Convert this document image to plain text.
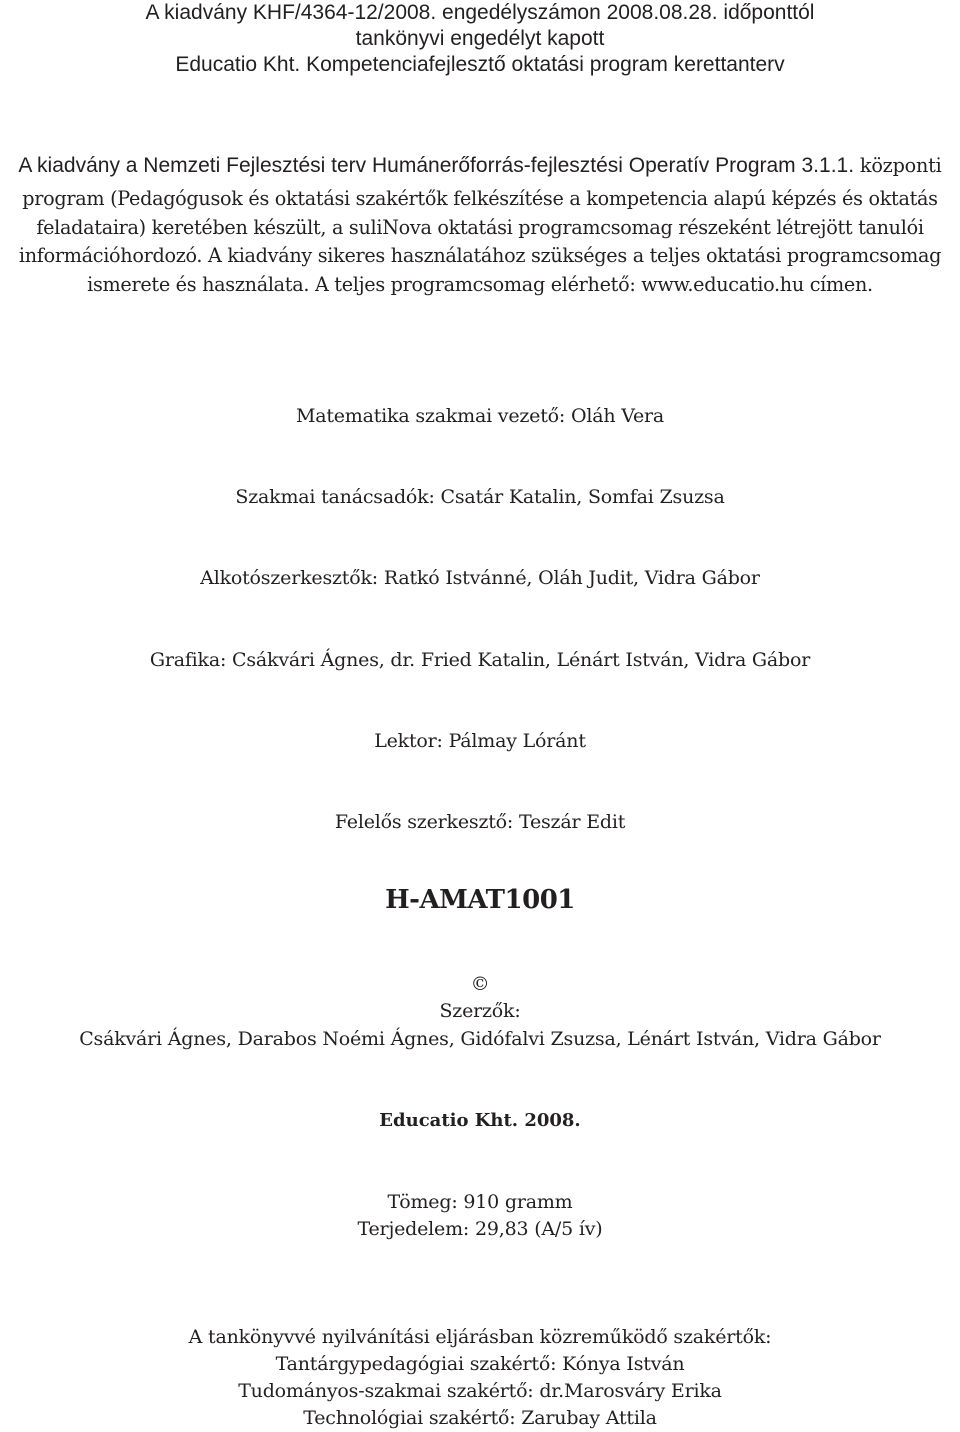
A kiadvány KHF/4364-12/2008. engedélyszámon 2008.08.28. időponttól
tankönyvi engedélyt kapott
Educatio Kht. Kompetenciafejlesztő oktatási program kerettanterv
A kiadvány a Nemzeti Fejlesztési terv Humánerőforrás-fejlesztési Operatív Program 3.1.1. központi
program (Pedagógusok és oktatási szakértők felkészítése a kompetencia alapú képzés és oktatás feladataira) keretében készült, a suliNova oktatási programcsomag részeként létrejött tanulói információhordozó. A kiadvány sikeres használatához szükséges a teljes oktatási programcsomag ismerete és használata. A teljes programcsomag elérhető: www.educatio.hu címen.
Matematika szakmai vezető: Oláh Vera
Szakmai tanácsadók: Csatár Katalin, Somfai Zsuzsa
Alkotószerkesztők: Ratkó Istvánné, Oláh Judit, Vidra Gábor
Grafika: Csákvári Ágnes, dr. Fried Katalin, Lénárt István, Vidra Gábor
Lektor: Pálmay Lóránt
Felelős szerkesztő: Teszár Edit
H-AMAT1001
©
Szerzők:
Csákvári Ágnes, Darabos Noémi Ágnes, Gidófalvi Zsuzsa, Lénárt István, Vidra Gábor
Educatio Kht. 2008.
Tömeg: 910 gramm
Terjedelem: 29,83 (A/5 ív)
A tankönyvvé nyilvánítási eljárásban közreműködő szakértők:
Tantárgypedagógiai szakértő: Kónya István
Tudományos-szakmai szakértő: dr.Marosváry Erika
Technológiai szakértő: Zarubay Attila
